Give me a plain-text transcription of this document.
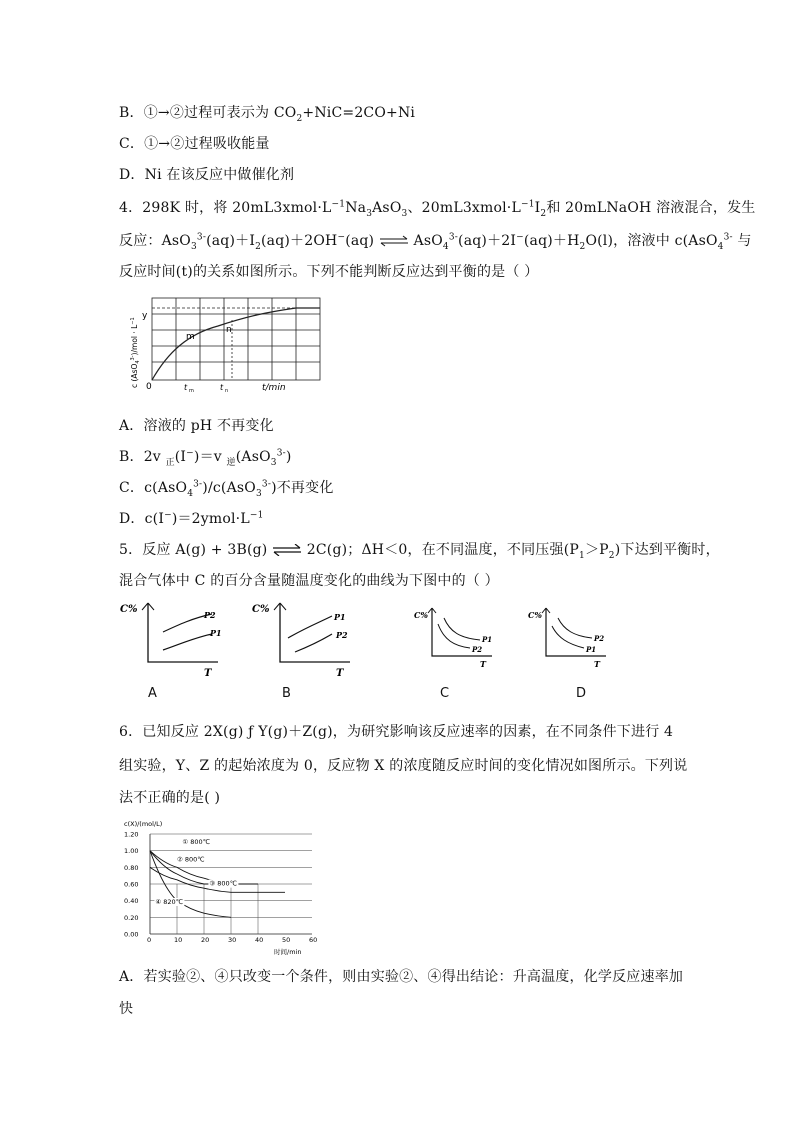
B．①→②过程可表示为 $CO_2+NiC=2CO+Ni$
C．①→②过程吸收能量
D．Ni 在该反应中做催化剂
4．298K 时，将 $20mL3xmol\cdot L^{-1}Na_3AsO_3$、$20mL3xmol\cdot L^{-1}I_2$和 20mLNaOH 溶液混合，发生
反应：$AsO_3^{3-}(aq)+I_2(aq)+2OH^-(aq)$ ⇌ $AsO_4^{3-}(aq)+2I^-(aq)+H_2O(l)$，溶液中 c(AsO$_4^{3-}$ 与
反应时间(t)的关系如图所示。下列不能判断反应达到平衡的是（ ）
y
0
m
n
t m	t n	t/min
c $(AsO_4^{3-})/mol \cdot L^{-1}$
A．溶液的 pH 不再变化
B．2v $_正$(I−)＝v $_逆$(AsO$_3^{3-}$)
C．c(AsO$_4^{3-}$)/c(AsO$_3^{3-}$)不再变化
D．$c(I^-)=2ymol\cdot L^{-1}$
5．反应 A(g) + 3B(g) ⇌ 2C(g)；ΔH＜0，在不同温度，不同压强$(P_1>P_2)$下达到平衡时，
混合气体中 C 的百分含量随温度变化的曲线为下图中的（ ）
C%
T
P2
P1
C%
T
P1
P2
C%
T
P1
P2
C%
T
P2
P1
A	B	C	D
6．已知反应 2X(g) ƒ Y(g)＋Z(g)，为研究影响该反应速率的因素，在不同条件下进行 4
组实验，Y、Z 的起始浓度为 0，反应物 X 的浓度随反应时间的变化情况如图所示。下列说
法不正确的是( )
c(X)/(mol/L)
时间/min
0.00
0.20
0.40
0.60
0.80
1.00
1.20
0	10	20	30	40	50	60
① 800℃
② 800℃
③ 800℃
④ 820℃
A．若实验②、④只改变一个条件，则由实验②、④得出结论：升高温度，化学反应速率加
快
